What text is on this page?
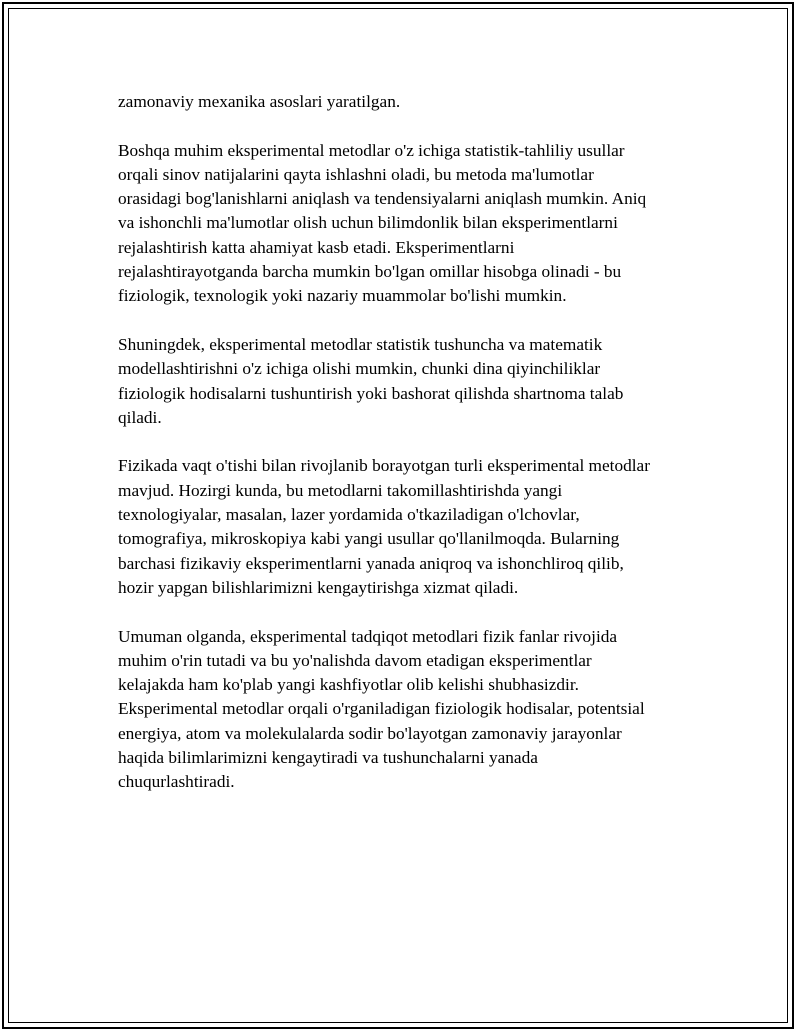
zamonaviy mexanika asoslari yaratilgan.

Boshqa muhim eksperimental metodlar o'z ichiga statistik-tahliliy usullar
orqali sinov natijalarini qayta ishlashni oladi, bu metoda ma'lumotlar
orasidagi bog'lanishlarni aniqlash va tendensiyalarni aniqlash mumkin. Aniq
va ishonchli ma'lumotlar olish uchun bilimdonlik bilan eksperimentlarni
rejalashtirish katta ahamiyat kasb etadi. Eksperimentlarni
rejalashtirayotganda barcha mumkin bo'lgan omillar hisobga olinadi - bu
fiziologik, texnologik yoki nazariy muammolar bo'lishi mumkin.

Shuningdek, eksperimental metodlar statistik tushuncha va matematik
modellashtirishni o'z ichiga olishi mumkin, chunki dina qiyinchiliklar
fiziologik hodisalarni tushuntirish yoki bashorat qilishda shartnoma talab
qiladi.

Fizikada vaqt o'tishi bilan rivojlanib borayotgan turli eksperimental metodlar
mavjud. Hozirgi kunda, bu metodlarni takomillashtirishda yangi
texnologiyalar, masalan, lazer yordamida o'tkaziladigan o'lchovlar,
tomografiya, mikroskopiya kabi yangi usullar qo'llanilmoqda. Bularning
barchasi fizikaviy eksperimentlarni yanada aniqroq va ishonchliroq qilib,
hozir yapgan bilishlarimizni kengaytirishga xizmat qiladi.

Umuman olganda, eksperimental tadqiqot metodlari fizik fanlar rivojida
muhim o'rin tutadi va bu yo'nalishda davom etadigan eksperimentlar
kelajakda ham ko'plab yangi kashfiyotlar olib kelishi shubhasizdir.
Eksperimental metodlar orqali o'rganiladigan fiziologik hodisalar, potentsial
energiya, atom va molekulalarda sodir bo'layotgan zamonaviy jarayonlar
haqida bilimlarimizni kengaytiradi va tushunchalarni yanada
chuqurlashtiradi.
